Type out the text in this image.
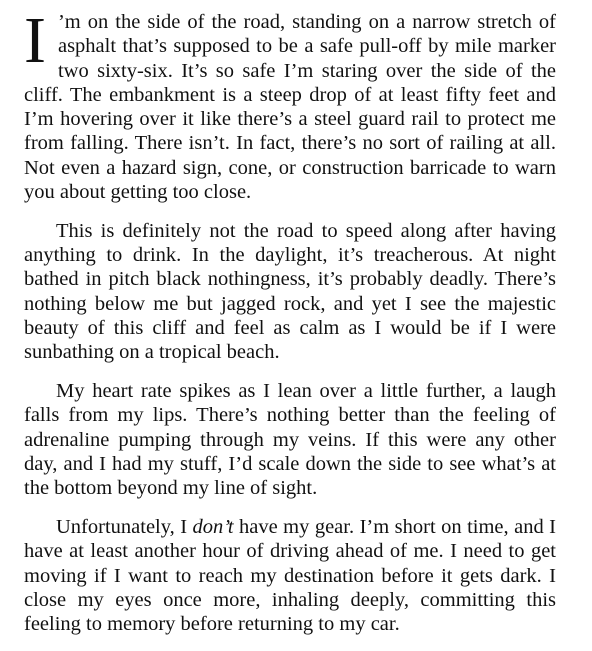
I ’m on the side of the road, standing on a narrow stretch of asphalt that’s supposed to be a safe pull-off by mile marker two sixty-six. It’s so safe I’m staring over the side of the cliff. The embankment is a steep drop of at least fifty feet and I’m hovering over it like there’s a steel guard rail to protect me from falling. There isn’t. In fact, there’s no sort of railing at all. Not even a hazard sign, cone, or construction barricade to warn you about getting too close.

This is definitely not the road to speed along after having anything to drink. In the daylight, it’s treacherous. At night bathed in pitch black nothingness, it’s probably deadly. There’s nothing below me but jagged rock, and yet I see the majestic beauty of this cliff and feel as calm as I would be if I were sunbathing on a tropical beach.

My heart rate spikes as I lean over a little further, a laugh falls from my lips. There’s nothing better than the feeling of adrenaline pumping through my veins. If this were any other day, and I had my stuff, I’d scale down the side to see what’s at the bottom beyond my line of sight.

Unfortunately, I don’t have my gear. I’m short on time, and I have at least another hour of driving ahead of me. I need to get moving if I want to reach my destination before it gets dark. I close my eyes once more, inhaling deeply, committing this feeling to memory before returning to my car.
